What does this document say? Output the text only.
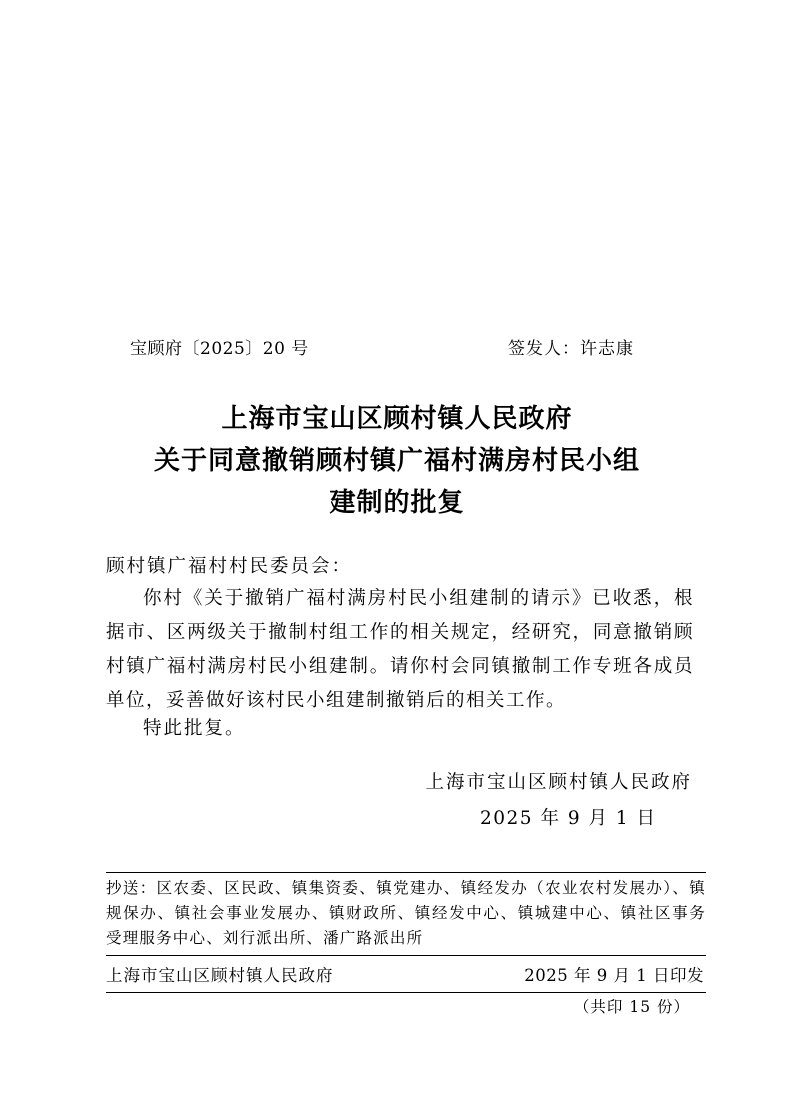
宝顾府〔2025〕20 号	签发人：许志康
上海市宝山区顾村镇人民政府
关于同意撤销顾村镇广福村满房村民小组
建制的批复
顾村镇广福村村民委员会：

你村《关于撤销广福村满房村民小组建制的请示》已收悉，根据市、区两级关于撤制村组工作的相关规定，经研究，同意撤销顾村镇广福村满房村民小组建制。请你村会同镇撤制工作专班各成员单位，妥善做好该村民小组建制撤销后的相关工作。

特此批复。
上海市宝山区顾村镇人民政府
2025 年 9 月 1 日

抄送：区农委、区民政、镇集资委、镇党建办、镇经发办（农业农村发展办）、镇规保办、镇社会事业发展办、镇财政所、镇经发中心、镇城建中心、镇社区事务受理服务中心、刘行派出所、潘广路派出所

上海市宝山区顾村镇人民政府	2025 年 9 月 1 日印发
（共印 15 份）
